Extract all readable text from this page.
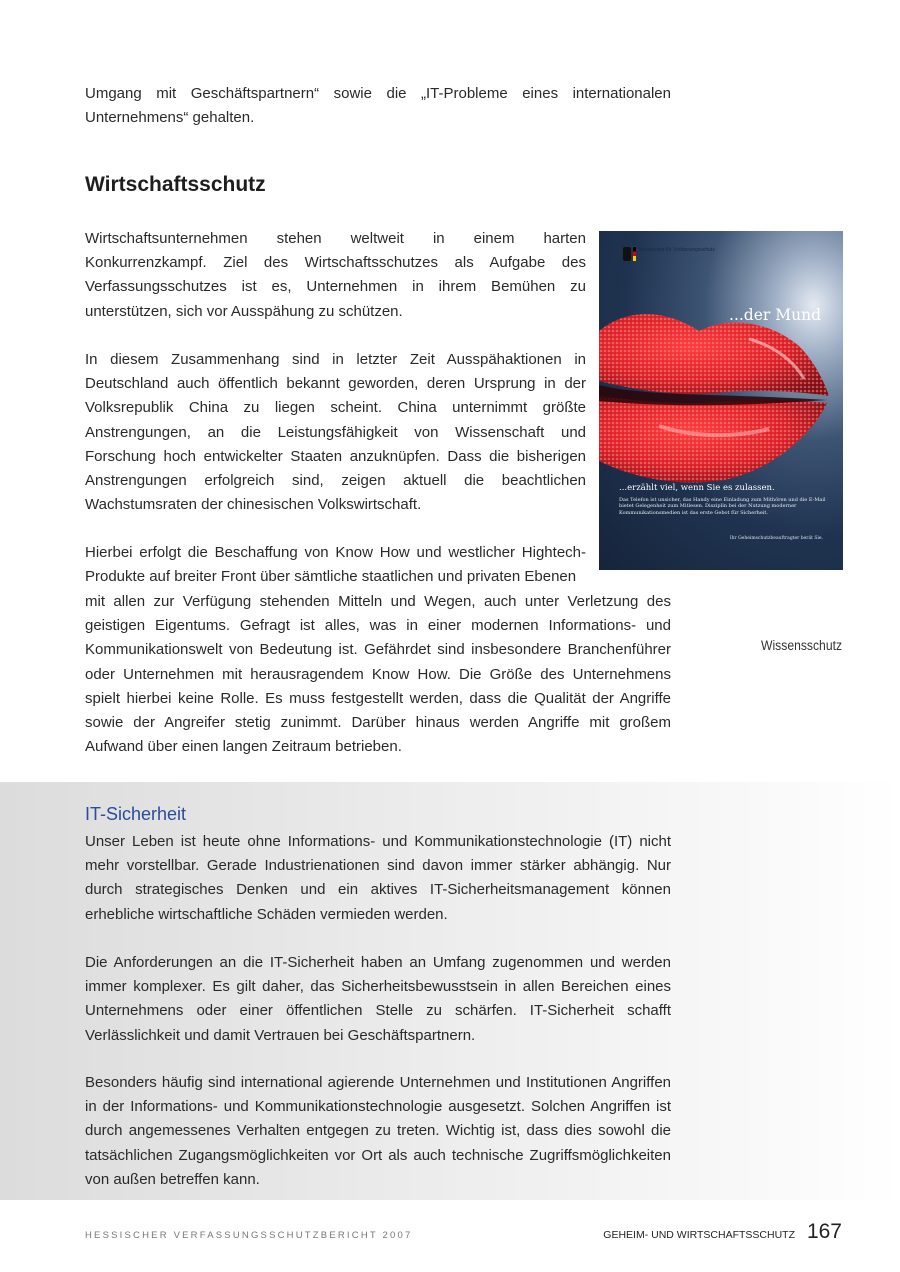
Umgang mit Geschäftspartnern“ sowie die „IT-Probleme eines internationalen Unternehmens“ gehalten.

Wirtschaftsschutz

Wirtschaftsunternehmen stehen weltweit in einem harten Konkurrenzkampf. Ziel des Wirtschaftsschutzes als Aufgabe des Verfassungsschutzes ist es, Unternehmen in ihrem Bemühen zu unterstützen, sich vor Ausspähung zu schützen.

In diesem Zusammenhang sind in letzter Zeit Ausspähaktionen in Deutschland auch öffentlich bekannt geworden, deren Ursprung in der Volksrepublik China zu liegen scheint. China unternimmt größte Anstrengungen, an die Leistungsfähigkeit von Wissenschaft und Forschung hoch entwickelter Staaten anzuknüpfen. Dass die bisherigen Anstrengungen erfolgreich sind, zeigen aktuell die beachtlichen Wachstumsraten der chinesischen Volkswirtschaft.

Hierbei erfolgt die Beschaffung von Know How und westlicher Hightech-Produkte auf breiter Front über sämtliche staatlichen und privaten Ebenen

mit allen zur Verfügung stehenden Mitteln und Wegen, auch unter Verletzung des geistigen Eigentums. Gefragt ist alles, was in einer modernen Informations- und Kommunikationswelt von Bedeutung ist. Gefährdet sind insbesondere Branchenführer oder Unternehmen mit herausragendem Know How. Die Größe des Unternehmens spielt hierbei keine Rolle. Es muss festgestellt werden, dass die Qualität der Angriffe sowie der Angreifer stetig zunimmt. Darüber hinaus werden Angriffe mit großem Aufwand über einen langen Zeitraum betrieben.

Bundesamt für Verfassungsschutz
...der Mund
...erzählt viel, wenn Sie es zulassen.
Das Telefon ist unsicher, das Handy eine Einladung zum Mithören und die E-Mail bietet Gelegenheit zum Mitlesen. Disziplin bei der Nutzung moderner Kommunikationsmedien ist das erste Gebot für Sicherheit.
Ihr Geheimschutzbeauftragter berät Sie.

Wissensschutz

IT-Sicherheit

Unser Leben ist heute ohne Informations- und Kommunikationstechnologie (IT) nicht mehr vorstellbar. Gerade Industrienationen sind davon immer stärker abhängig. Nur durch strategisches Denken und ein aktives IT-Sicherheitsmanagement können erhebliche wirtschaftliche Schäden vermieden werden.

Die Anforderungen an die IT-Sicherheit haben an Umfang zugenommen und werden immer komplexer. Es gilt daher, das Sicherheitsbewusstsein in allen Bereichen eines Unternehmens oder einer öffentlichen Stelle zu schärfen. IT-Sicherheit schafft Verlässlichkeit und damit Vertrauen bei Geschäftspartnern.

Besonders häufig sind international agierende Unternehmen und Institutionen Angriffen in der Informations- und Kommunikationstechnologie ausgesetzt. Solchen Angriffen ist durch angemessenes Verhalten entgegen zu treten. Wichtig ist, dass dies sowohl die tatsächlichen Zugangsmöglichkeiten vor Ort als auch technische Zugriffsmöglichkeiten von außen betreffen kann.

HESSISCHER VERFASSUNGSSCHUTZBERICHT 2007	GEHEIM- UND WIRTSCHAFTSSCHUTZ 167
